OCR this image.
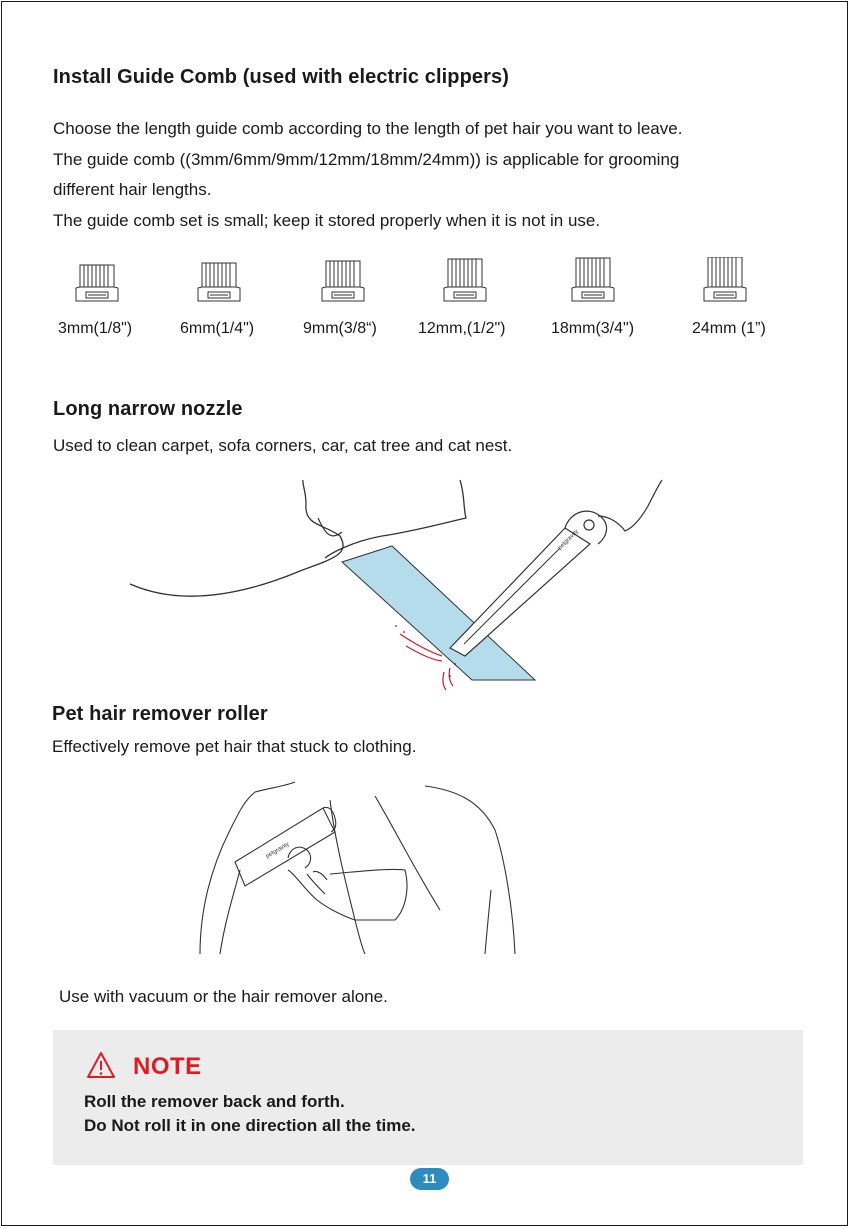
Install Guide Comb (used with electric clippers)
Choose the length guide comb according to the length of pet hair you want to leave.
The guide comb ((3mm/6mm/9mm/12mm/18mm/24mm)) is applicable for grooming
different hair lengths.
The guide comb set is small; keep it stored properly when it is not in use.
3mm(1/8")	6mm(1/4")	9mm(3/8“)	12mm,(1/2")	18mm(3/4")	24mm (1”)
Long narrow nozzle
Used to clean carpet, sofa corners, car, cat tree and cat nest.
petgravity
Pet hair remover roller
Effectively remove pet hair that stuck to clothing.
petgravity
Use with vacuum or the hair remover alone.
NOTE
Roll the remover back and forth.
Do Not roll it in one direction all the time.
11
